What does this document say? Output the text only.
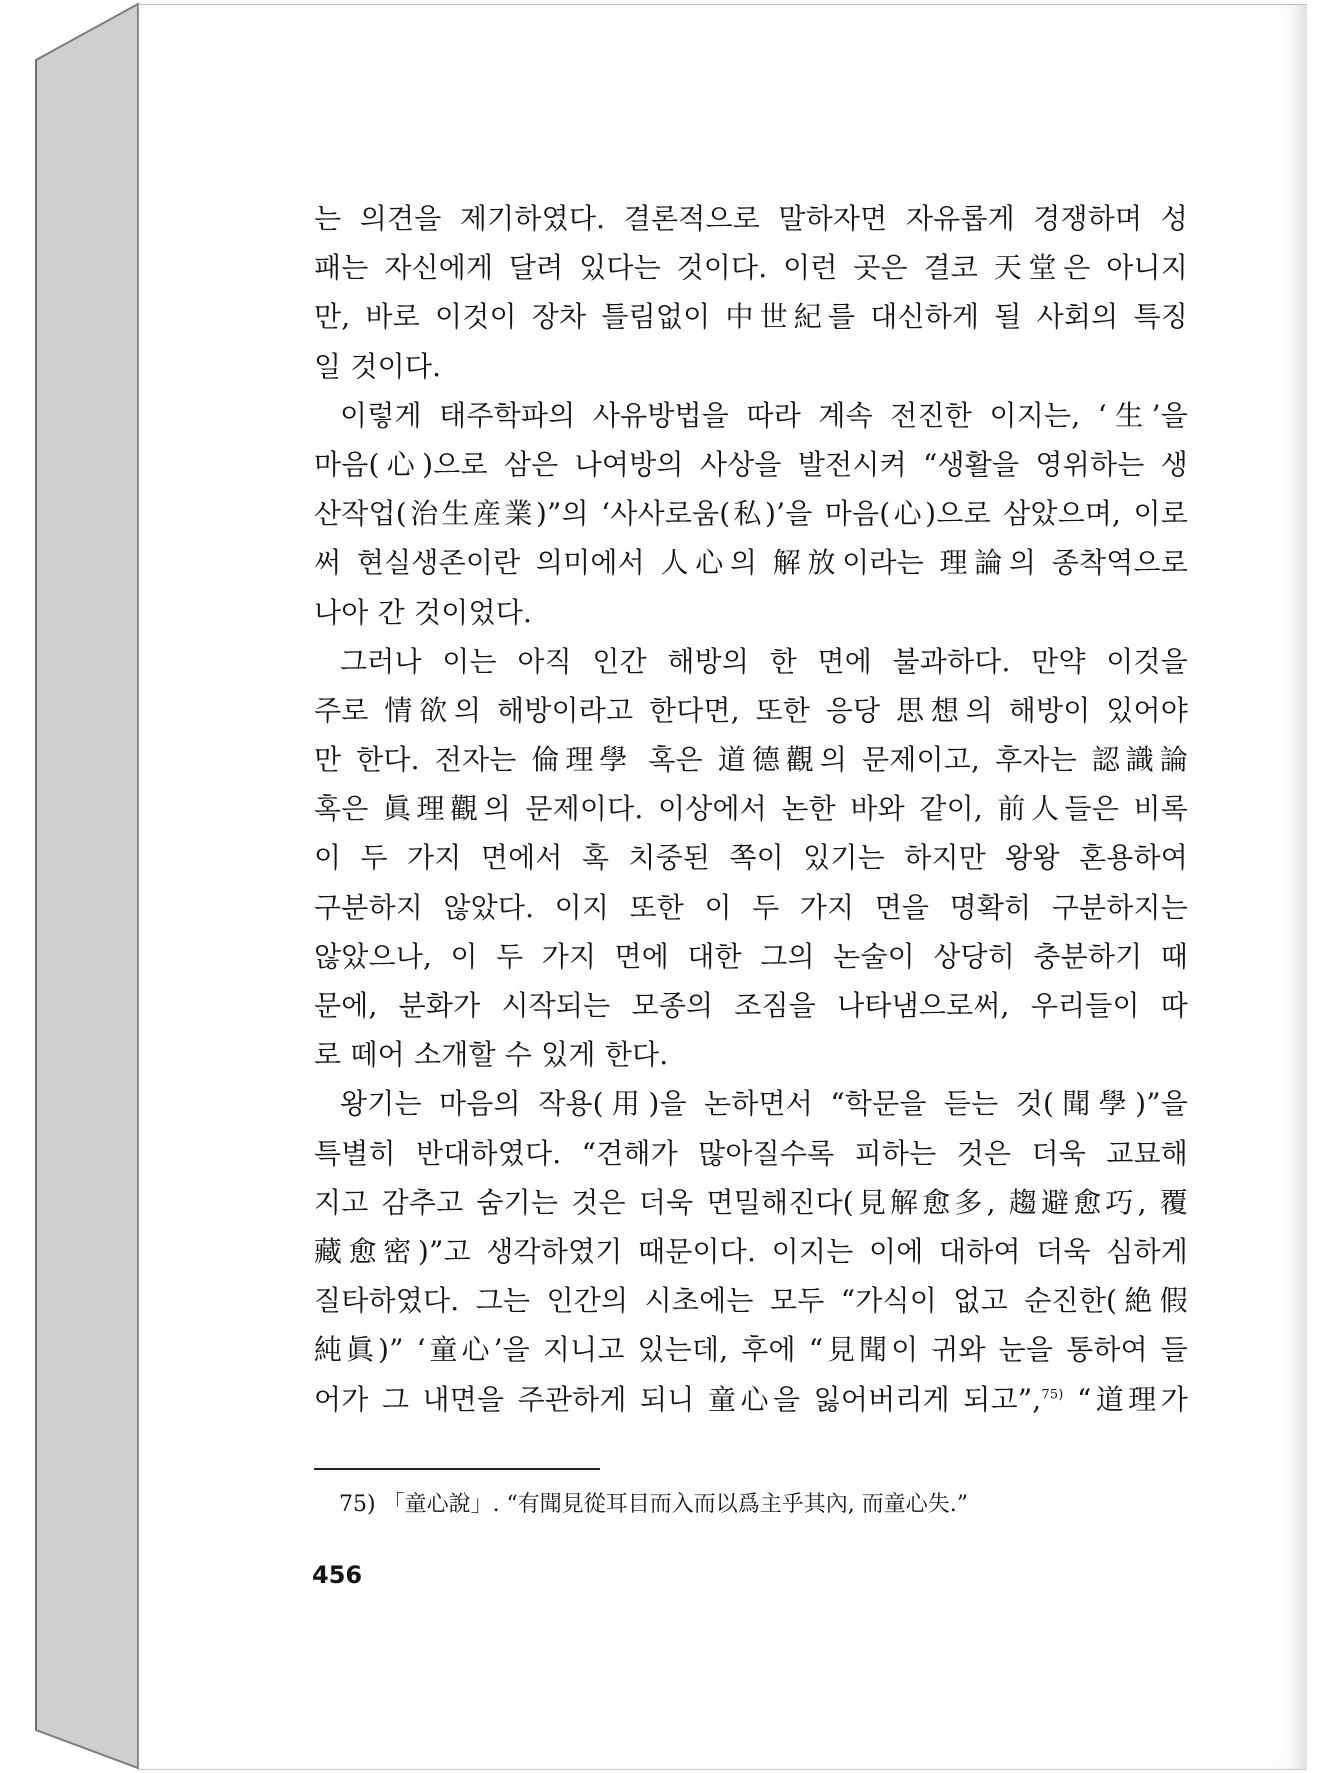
는 의견을 제기하였다. 결론적으로 말하자면 자유롭게 경쟁하며 성
패는 자신에게 달려 있다는 것이다. 이런 곳은 결코 天堂은 아니지
만, 바로 이것이 장차 틀림없이 中世紀를 대신하게 될 사회의 특징
일 것이다.
이렇게 태주학파의 사유방법을 따라 계속 전진한 이지는, ‘生’을
마음(心)으로 삼은 나여방의 사상을 발전시켜 “생활을 영위하는 생
산작업(治生産業)”의 ‘사사로움(私)’을 마음(心)으로 삼았으며, 이로
써 현실생존이란 의미에서 人心의 解放이라는 理論의 종착역으로
나아 간 것이었다.
그러나 이는 아직 인간 해방의 한 면에 불과하다. 만약 이것을
주로 情欲의 해방이라고 한다면, 또한 응당 思想의 해방이 있어야
만 한다. 전자는 倫理學 혹은 道德觀의 문제이고, 후자는 認識論
혹은 眞理觀의 문제이다. 이상에서 논한 바와 같이, 前人들은 비록
이 두 가지 면에서 혹 치중된 쪽이 있기는 하지만 왕왕 혼용하여
구분하지 않았다. 이지 또한 이 두 가지 면을 명확히 구분하지는
않았으나, 이 두 가지 면에 대한 그의 논술이 상당히 충분하기 때
문에, 분화가 시작되는 모종의 조짐을 나타냄으로써, 우리들이 따
로 떼어 소개할 수 있게 한다.
왕기는 마음의 작용(用)을 논하면서 “학문을 듣는 것(聞學)”을
특별히 반대하였다. “견해가 많아질수록 피하는 것은 더욱 교묘해
지고 감추고 숨기는 것은 더욱 면밀해진다(見解愈多, 趨避愈巧, 覆
藏愈密)”고 생각하였기 때문이다. 이지는 이에 대하여 더욱 심하게
질타하였다. 그는 인간의 시초에는 모두 “가식이 없고 순진한(絶假
純眞)” ‘童心’을 지니고 있는데, 후에 “見聞이 귀와 눈을 통하여 들
어가 그 내면을 주관하게 되니 童心을 잃어버리게 되고”,$^{75)}$ “道理가
75) 「童心說」. “有聞見從耳目而入而以爲主乎其內, 而童心失.”
456
